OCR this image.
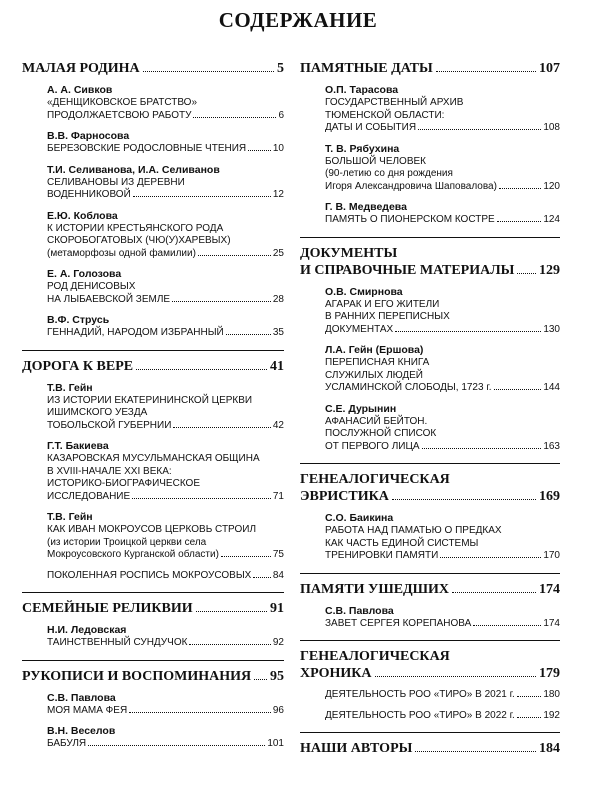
СОДЕРЖАНИЕ
МАЛАЯ РОДИНА	5
А. А. Сивков
«ДЕНЩИКОВСКОЕ БРАТСТВО»
ПРОДОЛЖАЕТСВОЮ РАБОТУ	6
В.В. Фарносова
БЕРЕЗОВСКИЕ РОДОСЛОВНЫЕ ЧТЕНИЯ	10
Т.И. Селиванова, И.А. Селиванов
СЕЛИВАНОВЫ ИЗ ДЕРЕВНИ
ВОДЕННИКОВОЙ	12
Е.Ю. Коблова
К ИСТОРИИ КРЕСТЬЯНСКОГО РОДА
СКОРОБОГАТОВЫХ (ЧЮ(У)ХАРЕВЫХ)
(метаморфозы одной фамилии)	25
Е. А. Голозова
РОД ДЕНИСОВЫХ
НА ЛЫБАЕВСКОЙ ЗЕМЛЕ	28
В.Ф. Струсь
ГЕННАДИЙ, НАРОДОМ ИЗБРАННЫЙ	35
ДОРОГА К ВЕРЕ	41
Т.В. Гейн
ИЗ ИСТОРИИ ЕКАТЕРИНИНСКОЙ ЦЕРКВИ
ИШИМСКОГО УЕЗДА
ТОБОЛЬСКОЙ ГУБЕРНИИ	42
Г.Т. Бакиева
КАЗАРОВСКАЯ МУСУЛЬМАНСКАЯ ОБЩИНА
В XVIII-НАЧАЛЕ XXI ВЕКА:
ИСТОРИКО-БИОГРАФИЧЕСКОЕ
ИССЛЕДОВАНИЕ	71
Т.В. Гейн
КАК ИВАН МОКРОУСОВ ЦЕРКОВЬ СТРОИЛ
(из истории Троицкой церкви села
Мокроусовского Курганской области)	75
ПОКОЛЕННАЯ РОСПИСЬ МОКРОУСОВЫХ 84
СЕМЕЙНЫЕ РЕЛИКВИИ	91
Н.И. Ледовская
ТАИНСТВЕННЫЙ СУНДУЧОК	92
РУКОПИСИ И ВОСПОМИНАНИЯ 95
С.В. Павлова
МОЯ МАМА ФЕЯ	96
В.Н. Веселов
БАБУЛЯ	101
ПАМЯТНЫЕ ДАТЫ	107
О.П. Тарасова
ГОСУДАРСТВЕННЫЙ АРХИВ
ТЮМЕНСКОЙ ОБЛАСТИ:
ДАТЫ И СОБЫТИЯ	108
Т. В. Рябухина
БОЛЬШОЙ ЧЕЛОВЕК
(90-летию со дня рождения
Игоря Александровича Шаповалова)	120
Г. В. Медведева
ПАМЯТЬ О ПИОНЕРСКОМ КОСТРЕ	124
ДОКУМЕНТЫ
И СПРАВОЧНЫЕ МАТЕРИАЛЫ 129
О.В. Смирнова
АГАРАК И ЕГО ЖИТЕЛИ
В РАННИХ ПЕРЕПИСНЫХ
ДОКУМЕНТАХ	130
Л.А. Гейн (Ершова)
ПЕРЕПИСНАЯ КНИГА
СЛУЖИЛЫХ ЛЮДЕЙ
УСЛАМИНСКОЙ СЛОБОДЫ, 1723 г.	144
С.Е. Дурынин
АФАНАСИЙ БЕЙТОН.
ПОСЛУЖНОЙ СПИСОК
ОТ ПЕРВОГО ЛИЦА	163
ГЕНЕАЛОГИЧЕСКАЯ
ЭВРИСТИКА	169
С.О. Баикина
РАБОТА НАД ПАМАТЬЮ О ПРЕДКАХ
КАК ЧАСТЬ ЕДИНОЙ СИСТЕМЫ
ТРЕНИРОВКИ ПАМЯТИ	170
ПАМЯТИ УШЕДШИХ	174
С.В. Павлова
ЗАВЕТ СЕРГЕЯ КОРЕПАНОВА	174
ГЕНЕАЛОГИЧЕСКАЯ
ХРОНИКА	179
ДЕЯТЕЛЬНОСТЬ РОО «ТИРО» В 2021 г.	180
ДЕЯТЕЛЬНОСТЬ РОО «ТИРО» В 2022 г.	192
НАШИ АВТОРЫ	184
